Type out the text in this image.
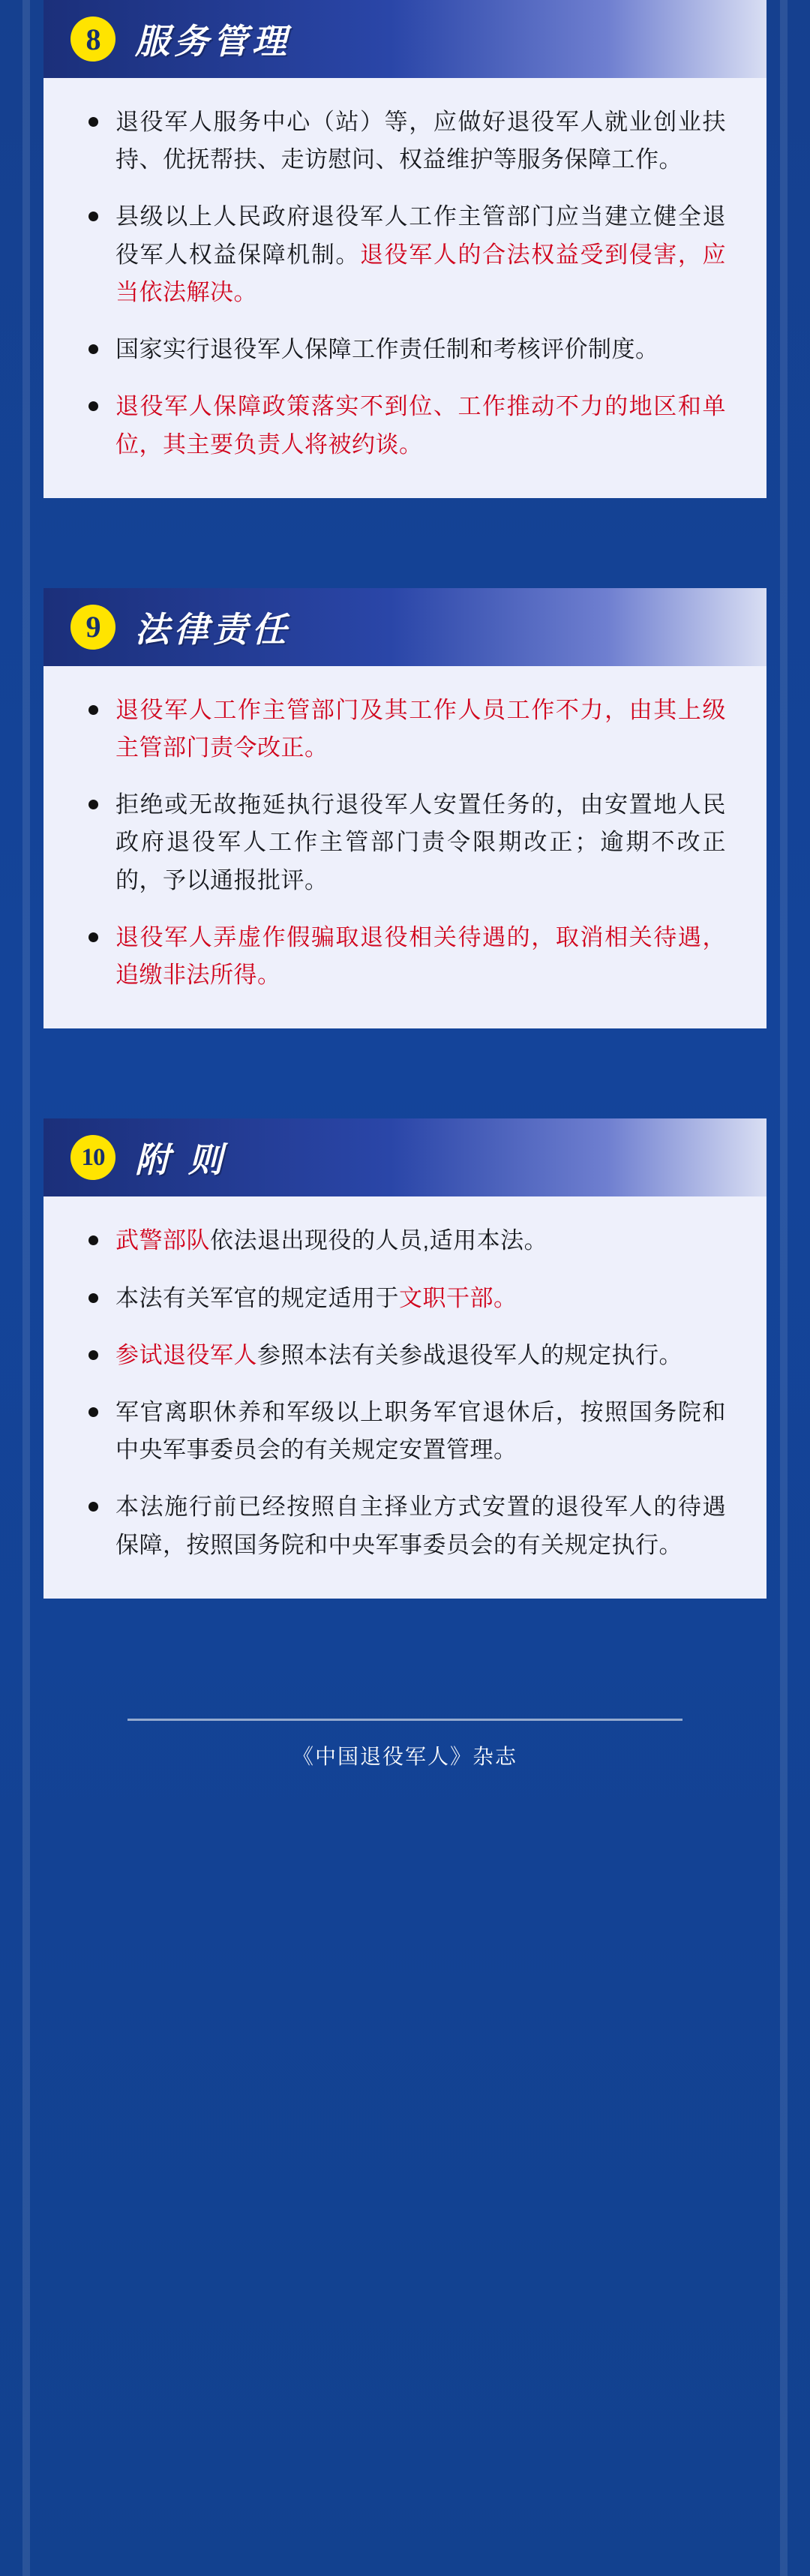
8	服务管理
退役军人服务中心（站）等，应做好退役军人就业创业扶持、优抚帮扶、走访慰问、权益维护等服务保障工作。
县级以上人民政府退役军人工作主管部门应当建立健全退役军人权益保障机制。退役军人的合法权益受到侵害，应当依法解决。
国家实行退役军人保障工作责任制和考核评价制度。
退役军人保障政策落实不到位、工作推动不力的地区和单位，其主要负责人将被约谈。
9	法律责任
退役军人工作主管部门及其工作人员工作不力，由其上级主管部门责令改正。
拒绝或无故拖延执行退役军人安置任务的，由安置地人民政府退役军人工作主管部门责令限期改正；逾期不改正的，予以通报批评。
退役军人弄虚作假骗取退役相关待遇的，取消相关待遇，追缴非法所得。
10 附 则
武警部队依法退出现役的人员,适用本法。
本法有关军官的规定适用于文职干部。
参试退役军人参照本法有关参战退役军人的规定执行。
军官离职休养和军级以上职务军官退休后，按照国务院和中央军事委员会的有关规定安置管理。
本法施行前已经按照自主择业方式安置的退役军人的待遇保障，按照国务院和中央军事委员会的有关规定执行。
《中国退役军人》杂志
